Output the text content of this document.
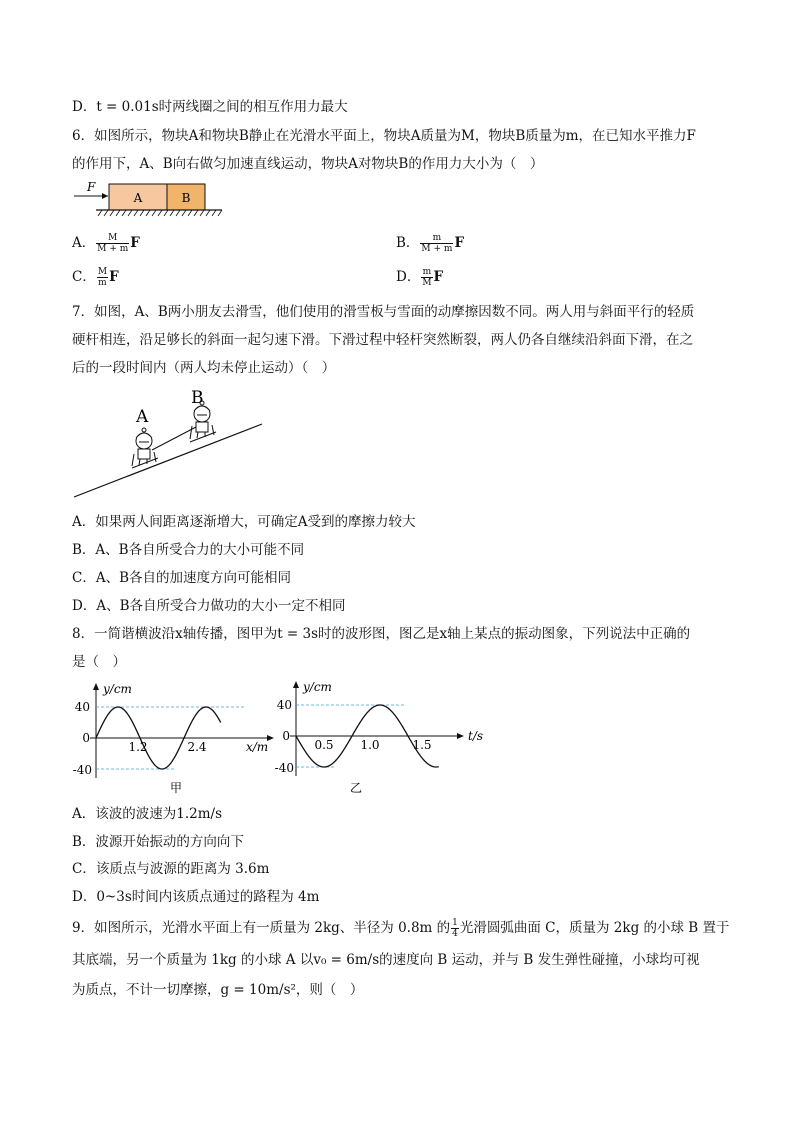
D．t = 0.01s时两线圈之间的相互作用力最大
6．如图所示，物块A和物块B静止在光滑水平面上，物块A质量为M，物块B质量为m，在已知水平推力F
的作用下，A、B向右做匀加速直线运动，物块A对物块B的作用力大小为（　）
F
A	B
A． $\frac{M}{M + m}$ F	B． $\frac{m}{M + m}$ F
C． $\frac{M}{m}$ F	D． $\frac{m}{M}$ F
7．如图，A、B两小朋友去滑雪，他们使用的滑雪板与雪面的动摩擦因数不同。两人用与斜面平行的轻质
硬杆相连，沿足够长的斜面一起匀速下滑。下滑过程中轻杆突然断裂，两人仍各自继续沿斜面下滑，在之
后的一段时间内（两人均未停止运动）（　）
A
B
A．如果两人间距离逐渐增大，可确定A受到的摩擦力较大
B．A、B各自所受合力的大小可能不同
C．A、B各自的加速度方向可能相同
D．A、B各自所受合力做功的大小一定不相同
8．一简谐横波沿x轴传播，图甲为t = 3s时的波形图，图乙是x轴上某点的振动图象，下列说法中正确的
是（　）
y/cm
x/m
40
0
-40
1.2	2.4
甲
y/cm
t/s
40
0
-40
0.5 1.0	1.5
乙
A．该波的波速为1.2m/s
B．波源开始振动的方向向下
C．该质点与波源的距离为 3.6m
D．0~3s时间内该质点通过的路程为 4m
9．如图所示，光滑水平面上有一质量为 2kg、半径为 0.8m 的 $\frac{1}{4}$ 光滑圆弧曲面 C，质量为 2kg 的小球 B 置于
其底端，另一个质量为 1kg 的小球 A 以v₀ = 6m/s的速度向 B 运动，并与 B 发生弹性碰撞，小球均可视
为质点，不计一切摩擦，g = 10m/s²，则（　）
